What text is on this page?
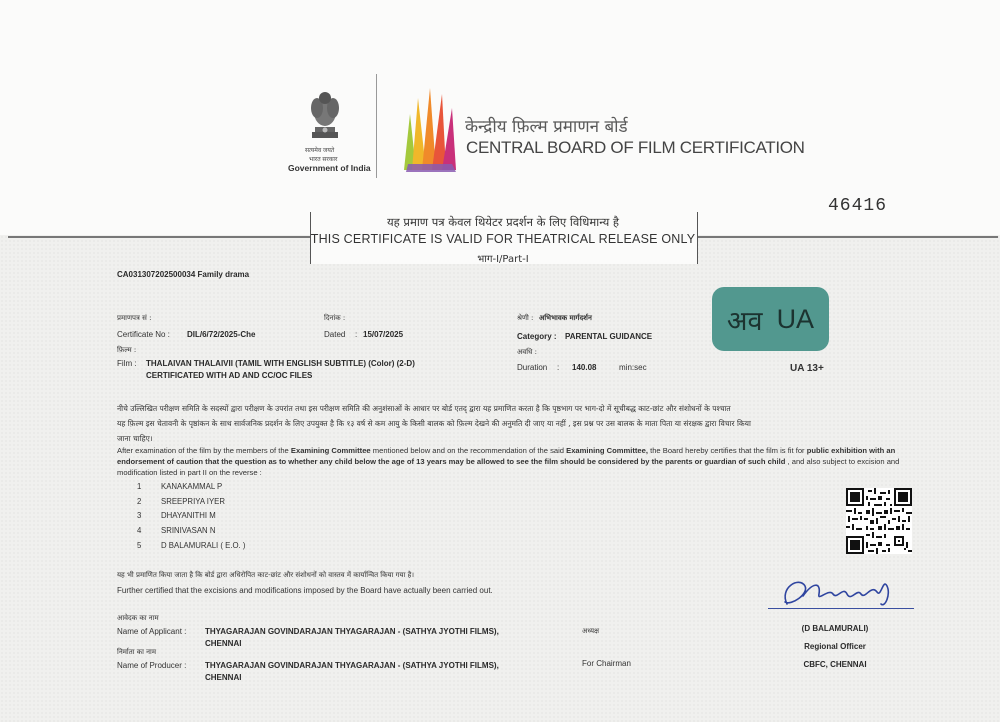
सत्यमेव जयते
भारत सरकार
Government of India
केन्द्रीय फ़िल्म प्रमाणन बोर्ड
CENTRAL BOARD OF FILM CERTIFICATION
46416
यह प्रमाण पत्र केवल थियेटर प्रदर्शन के लिए विधिमान्य है
THIS CERTIFICATE IS VALID FOR THEATRICAL RELEASE ONLY
भाग-I/Part-I
CA031307202500034 Family drama
प्रमाणपत्र सं :
Certificate No : DIL/6/72/2025-Che
दिनांक :
Dated : 15/07/2025
श्रेणी : अभिभावक मार्गदर्शन
Category : PARENTAL GUIDANCE	अव UA
UA 13+
फ़िल्म :
Film : THALAIVAN THALAIVII (TAMIL WITH ENGLISH SUBTITLE) (Color) (2-D)
CERTIFICATED WITH AD AND CC/OC FILES
अवधि :
Duration : 140.08	min:sec
नीचे उल्लिखित परीक्षण समिति के सदस्यों द्वारा परीक्षण के उपरांत तथा इस परीक्षण समिति की अनुशंसाओं के आधार पर बोर्ड एतद् द्वारा यह प्रमाणित करता है कि पृष्ठभाग पर भाग-दो में सूचीबद्ध काट-छांट और संशोधनों के पश्चात
यह फ़िल्म इस चेतावनी के पृष्ठांकन के साथ सार्वजनिक प्रदर्शन के लिए उपयुक्त है कि १३ वर्ष से कम आयु के किसी बालक को फ़िल्म देखने की अनुमति दी जाए या नहीं , इस प्रश्न पर उस बालक के माता पिता या संरक्षक द्वारा विचार किया
जाना चाहिए।
After examination of the film by the members of the Examining Committee mentioned below and on the recommendation of the said Examining Committee, the Board hereby certifies that the film is fit for public exhibition with an endorsement of caution that the question as to whether any child below the age of 13 years may be allowed to see the film should be considered by the parents or guardian of such child , and also subject to excision and modification listed in part II on the reverse :
1	KANAKAMMAL P
2	SREEPRIYA IYER
3	DHAYANITHI M
4	SRINIVASAN N
5	D BALAMURALI ( E.O. )
यह भी प्रमाणित किया जाता है कि बोर्ड द्वारा अधिरोपित काट-छांट और संशोधनों को वास्तव में कार्यान्वित किया गया है।
Further certified that the excisions and modifications imposed by the Board have actually been carried out.
आवेदक का नाम
Name of Applicant : THYAGARAJAN GOVINDARAJAN THYAGARAJAN - (SATHYA JYOTHI FILMS),
CHENNAI
निर्माता का नाम
Name of Producer : THYAGARAJAN GOVINDARAJAN THYAGARAJAN - (SATHYA JYOTHI FILMS),
CHENNAI
अध्यक्ष
For Chairman
(D BALAMURALI)
Regional Officer
CBFC, CHENNAI
